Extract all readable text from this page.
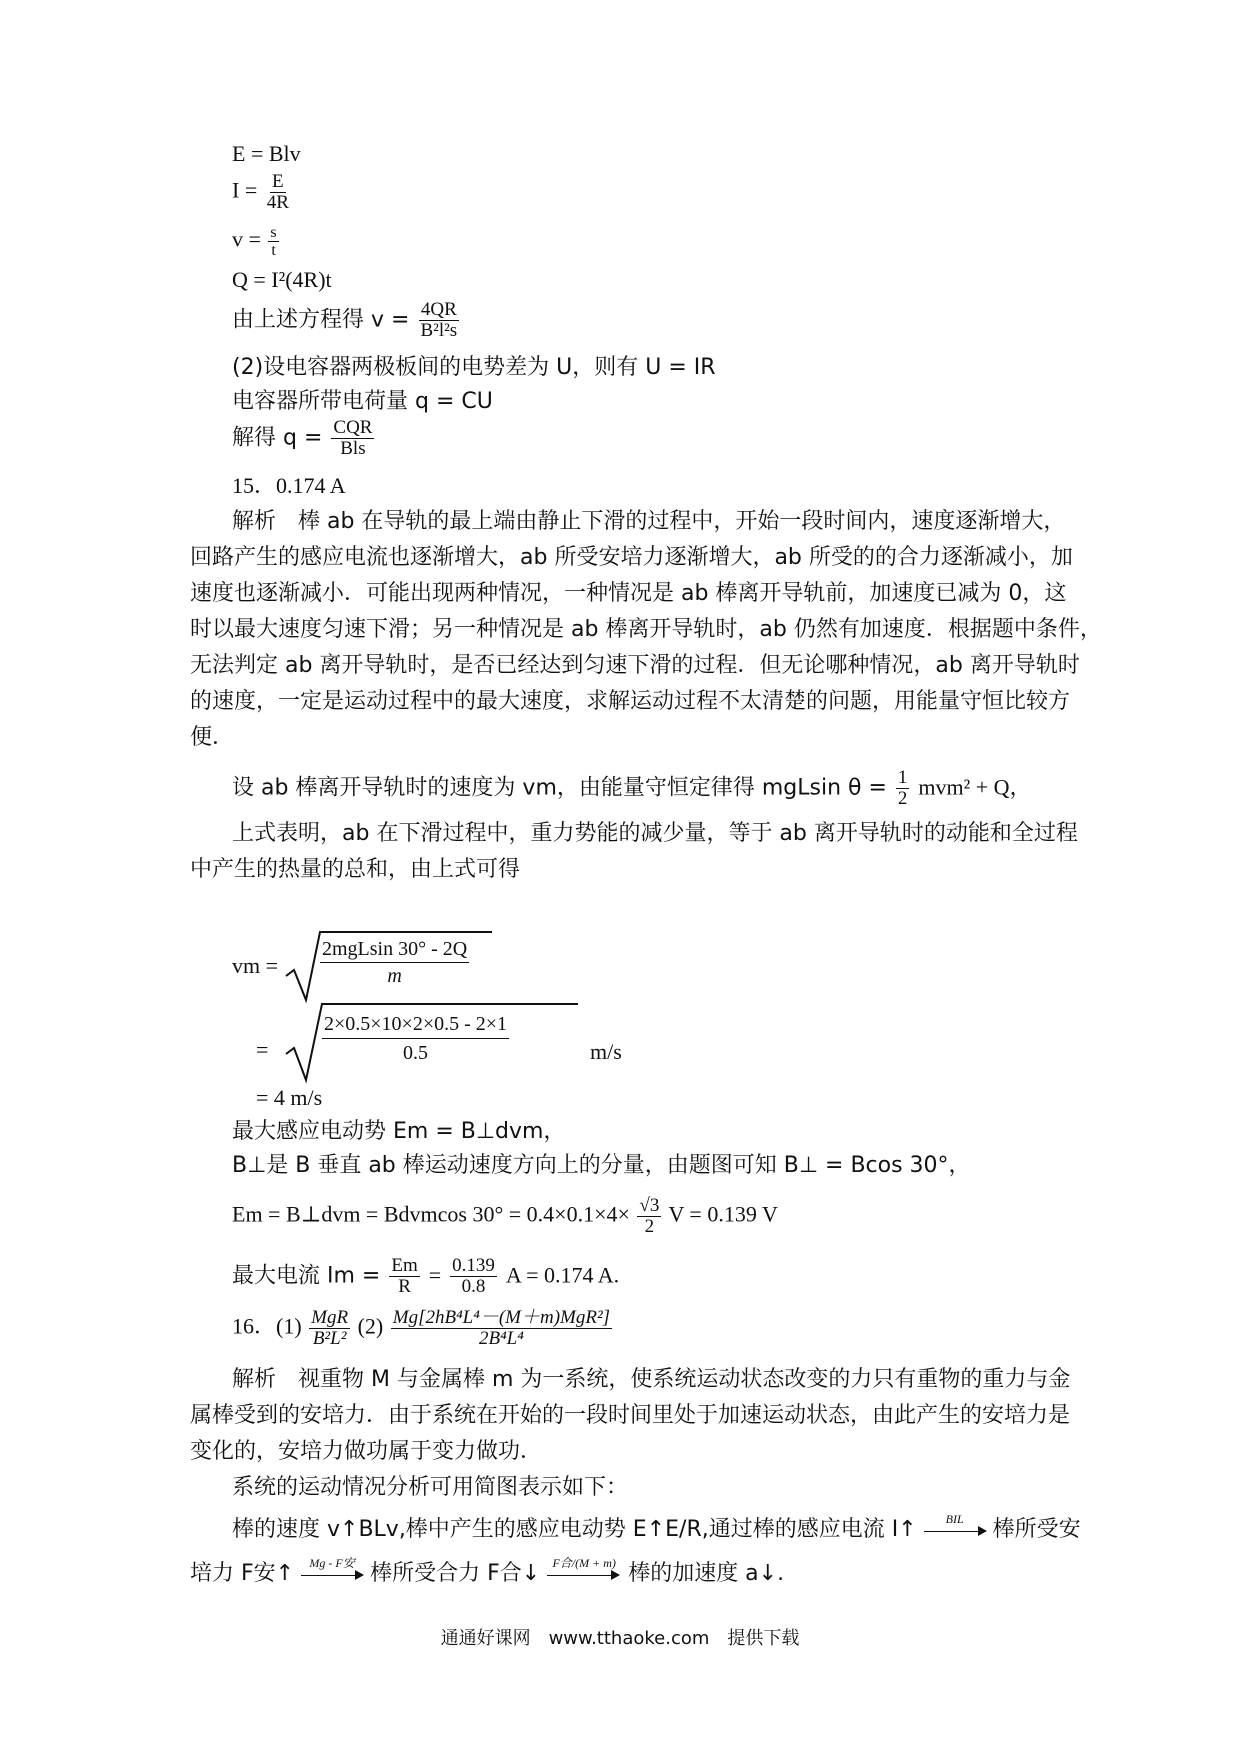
E = Blv
$I = \frac{E}{4R}$
$v = \frac{s}{t}$
Q = I²(4R)t
由上述方程得 $v = \frac{4QR}{\text{B²l²s}}$
(2)设电容器两极板间的电势差为 U，则有 U = IR
电容器所带电荷量 q = CU
解得 $q = \frac{\text{CQR}}{\text{Bls}}$
15．0.174 A
解析　棒 ab 在导轨的最上端由静止下滑的过程中，开始一段时间内，速度逐渐增大，
回路产生的感应电流也逐渐增大，ab 所受安培力逐渐增大，ab 所受的的合力逐渐减小，加
速度也逐渐减小．可能出现两种情况，一种情况是 ab 棒离开导轨前，加速度已减为 0，这
时以最大速度匀速下滑；另一种情况是 ab 棒离开导轨时，ab 仍然有加速度．根据题中条件，
无法判定 ab 离开导轨时，是否已经达到匀速下滑的过程．但无论哪种情况，ab 离开导轨时
的速度，一定是运动过程中的最大速度，求解运动过程不太清楚的问题，用能量守恒比较方
便．
设 ab 棒离开导轨时的速度为 vm，由能量守恒定律得 mgLsin $\theta = \frac{1}{2} mvm^2 + Q$，
上式表明，ab 在下滑过程中，重力势能的减少量，等于 ab 离开导轨时的动能和全过程
中产生的热量的总和，由上式可得
vm =
2mgLsin 30° - 2Q
m
=	$\frac{2\times 0.5\times 10\times 2\times 0.5 - 2\times 1}{0.5}$	m/s
= 4 m/s
最大感应电动势 Em = B⊥dvm，
B⊥是 B 垂直 ab 棒运动速度方向上的分量，由题图可知 B⊥ = Bcos 30°，
Em = B⊥dvm = Bdvmcos $30^\circ = 0.4\times 0.1\times 4\times \frac{√3}{2}$ V = 0.139 V
最大电流 $Im = \frac{Em}{R} = \frac{0.139}{0.8}$ A = 0.174 A.
16．$(1) \frac{\text{MgR}}{\text{B²L²}} (2) \frac{\text{Mg[2hB⁴L⁴－(M＋m)MgR²]}}{\text{2B⁴L⁴}}$
解析　视重物 M 与金属棒 m 为一系统，使系统运动状态改变的力只有重物的重力与金
属棒受到的安培力．由于系统在开始的一段时间里处于加速运动状态，由此产生的安培力是
变化的，安培力做功属于变力做功．
系统的运动情况分析可用简图表示如下：
棒的速度 v↑BLv,棒中产生的感应电动势 E↑E/R,通过棒的感应电流 I↑	BIL	棒所受安
培力 F安↑	Mg - F安 棒所受合力 F合↓	F合/(M + m) 棒的加速度 a↓.
通通好课网　www.tthaoke.com　提供下载
